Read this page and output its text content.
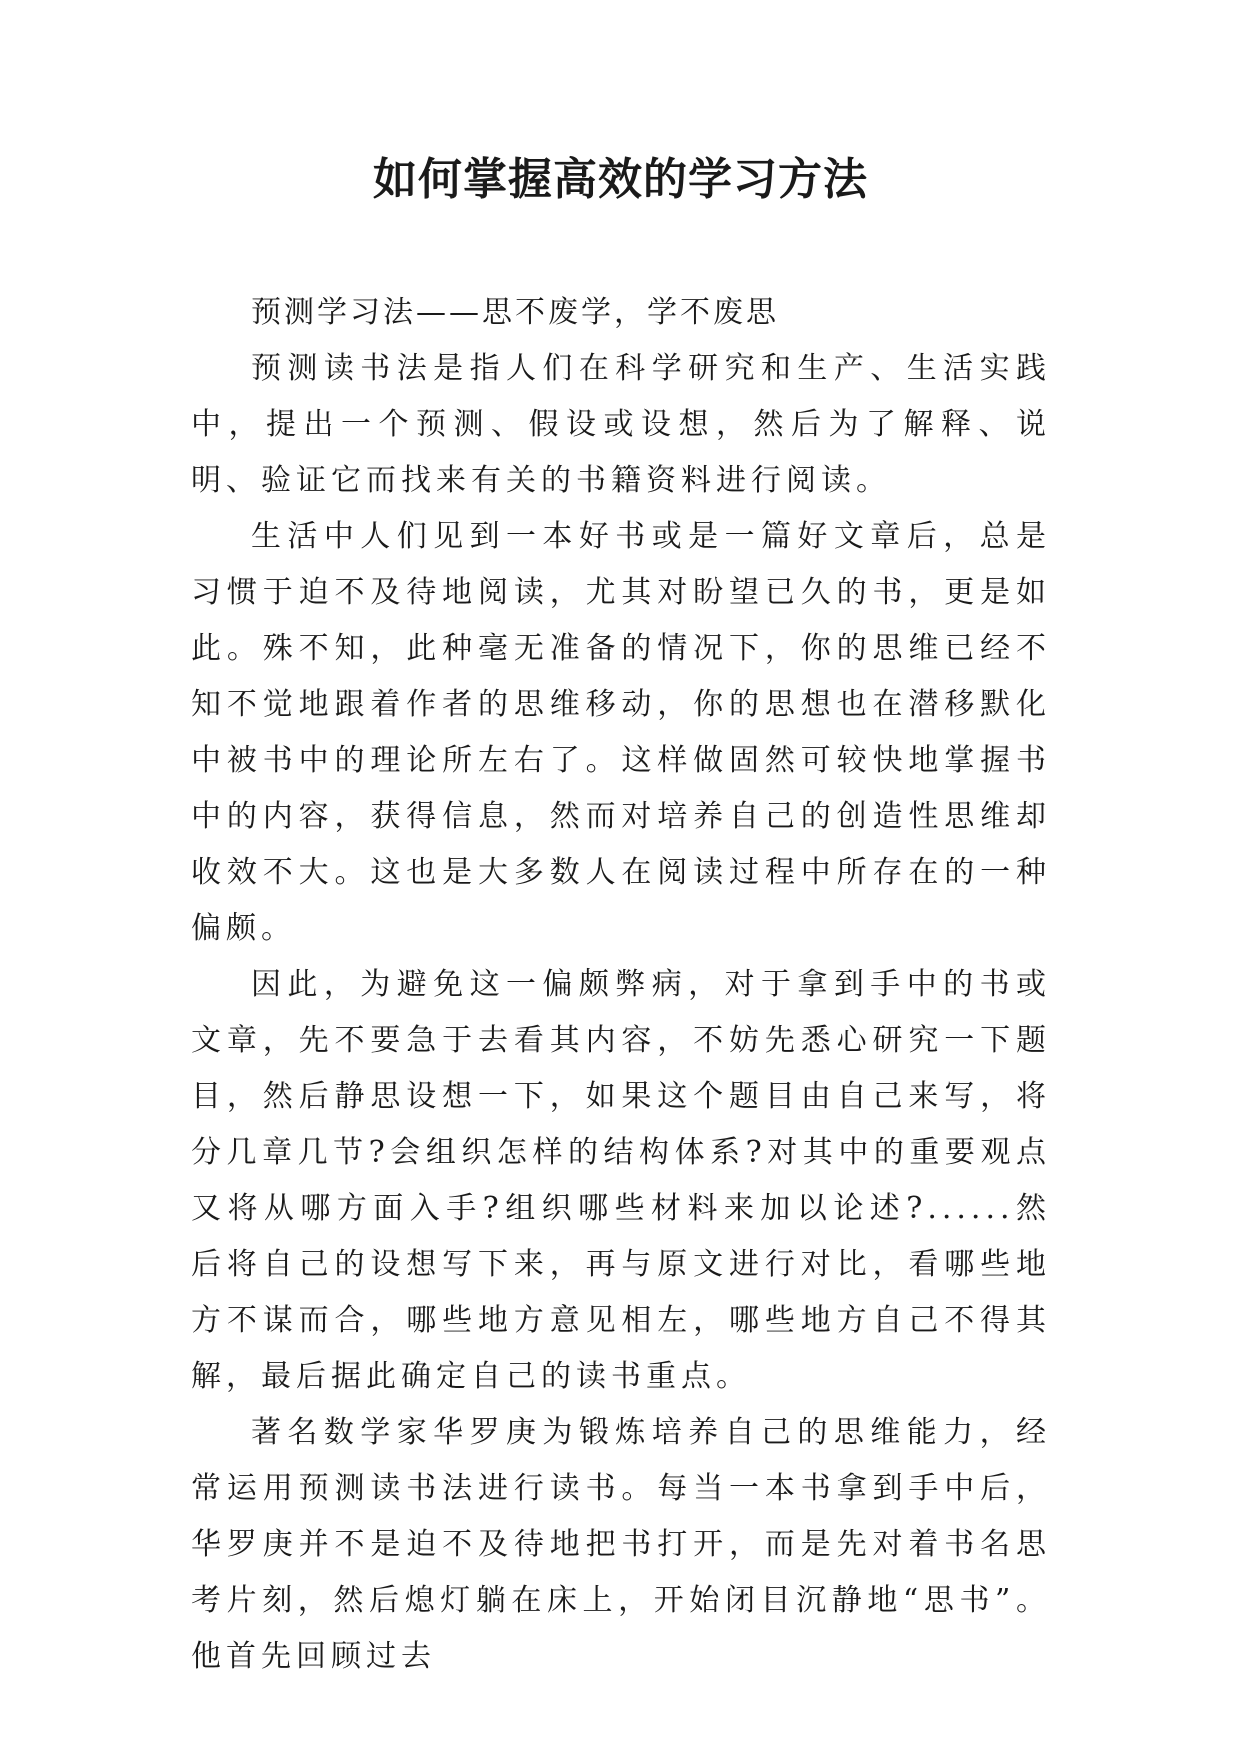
如何掌握高效的学习方法

预测学习法——思不废学，学不废思

预测读书法是指人们在科学研究和生产、生活实践中，提出一个预测、假设或设想，然后为了解释、说明、验证它而找来有关的书籍资料进行阅读。

生活中人们见到一本好书或是一篇好文章后，总是习惯于迫不及待地阅读，尤其对盼望已久的书，更是如此。殊不知，此种毫无准备的情况下，你的思维已经不知不觉地跟着作者的思维移动，你的思想也在潜移默化中被书中的理论所左右了。这样做固然可较快地掌握书中的内容，获得信息，然而对培养自己的创造性思维却收效不大。这也是大多数人在阅读过程中所存在的一种偏颇。

因此，为避免这一偏颇弊病，对于拿到手中的书或文章，先不要急于去看其内容，不妨先悉心研究一下题目，然后静思设想一下，如果这个题目由自己来写，将分几章几节?会组织怎样的结构体系?对其中的重要观点又将从哪方面入手?组织哪些材料来加以论述?......然后将自己的设想写下来，再与原文进行对比，看哪些地方不谋而合，哪些地方意见相左，哪些地方自己不得其解，最后据此确定自己的读书重点。

著名数学家华罗庚为锻炼培养自己的思维能力，经常运用预测读书法进行读书。每当一本书拿到手中后，华罗庚并不是迫不及待地把书打开，而是先对着书名思考片刻，然后熄灯躺在床上，开始闭目沉静地“思书”。他首先回顾过去
